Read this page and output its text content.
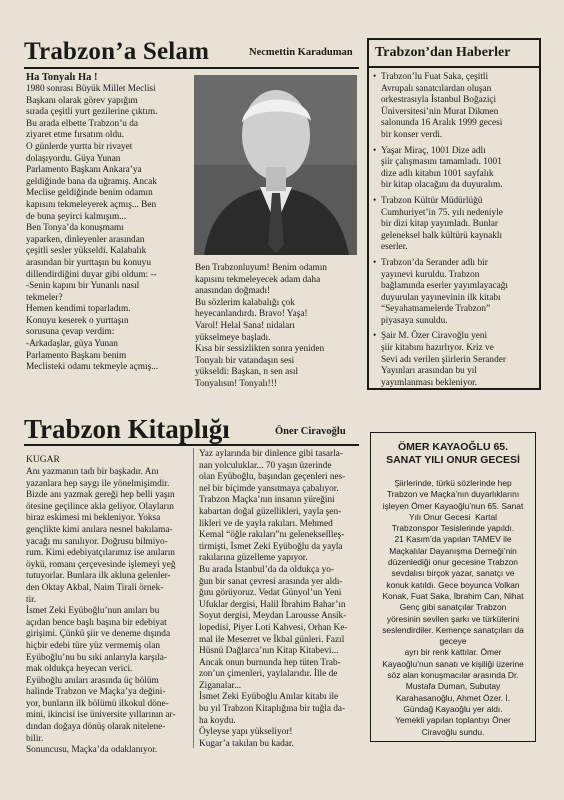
Trabzon’a Selam	Necmettin Karaduman
Ha Tonyalı Ha !
1980 sonrası Büyük Millet Meclisi
Başkanı olarak görev yapığım
sırada çeşitli yurt gezilerine çıktım.
Bu arada elbette Trabzon’u da
ziyaret etme fırsatım oldu.
O günlerde yurtta bir rivayet
dolaşıyordu. Güya Yunan
Parlamento Başkanı Ankara’ya
geldiğinde bana da uğramış. Ancak
Meclise geldiğinde benim odamın
kapısını tekmeleyerek açmış... Ben
de buna şeyirci kalmışım...
Ben Tonya’da konuşmamı
yaparken, dinleyenler arasından
çeşitli sesler yükseldi. Kalabalık
arasından bir yurttaşın bu konuyu
dillendirdiğini duyar gibi oldum: --
-Senin kapını bir Yunanlı nasıl
tekmeler?
Hemen kendimi toparladım.
Konuyu keserek o yurttaşın
sorusuna çevap verdim:
-Arkadaşlar, güya Yunan
Parlamento Başkanı benim
Meclisteki odamı tekmeyle açmış...
Ben Trabzonluyum! Benim odamın
kapısını tekmeleyecek adam daha
anasından doğmadı!
Bu sözlerim kalabalığı çok
heyecanlandırdı. Bravo! Yaşa!
Varol! Helal Sana! nidaları
yükselmeye başladı.
Kısa bir sessizlikten sonra yeniden
Tonyalı bir vatandaşın sesi
yükseldi: Başkan, n sen asıl
Tonyalısın! Tonyalı!!!
Trabzon’dan Haberler
• Trabzon’lu Fuat Saka, çeşitli
Avrupalı sanatcılardan oluşan
orkestrasıyla İstanbul Boğaziçi
Üniversitesi’nin Murat Dikmen
salonunda 16 Aralık 1999 gecesi
bir konser verdi.
• Yaşar Miraç, 1001 Dize adlı
şiir çalışmasını tamamladı. 1001
dize adlı kitabın 1001 sayfalık
bir kitap olacağını da duyuralım.
• Trabzon Kültür Müdürlüğü
Cumhuriyet’in 75. yılı nedeniyle
bir dizi kitap yayımladı. Bunlar
geleneksel halk kültürü kaynaklı
eserler.
• Trabzon’da Serander adlı bir
yayınevi kuruldu. Trabzon
bağlamında eserler yayımlayacağı
duyurulan yayınevinin ilk kitabı
“Seyahatnamelerde Trabzon”
piyasaya sunuldu.
• Şair M. Özer Ciravoğlu yeni
şiir kitabını hazırlıyor. Kriz ve
Sevi adı verilen şiirlerin Serander
Yayınları arasından bu yıl
yayımlanması bekleniyor.
Trabzon Kitaplığı	Öner Ciravoğlu
KUGAR
Anı yazmanın tadı bir başkadır. Anı
yazanlara hep saygı ile yönelmişimdir.
Bizde anı yazmak gereği hep belli yaşın
ötesine geçilince akla geliyor. Olayların
biraz eskimesi mi bekleniyor. Yoksa
gençlikte kimi anılara nesnel bakılama-
yacağı mı sanılıyor. Doğrusu bilmiyo-
rum. Kimi edebiyatçılarımız ise anıların
öykü, romanı çerçevesinde işlemeyi yeğ
tutuyorlar. Bunlara ilk akluna gelenler-
den Oktay Akbal, Naim Tirali örnek-
tir.
İsmet Zeki Eyüboğlu’nun anıları bu
açıdan bence başlı başına bir edebiyat
girişimi. Çünkü şiir ve deneme dışında
hiçbir edebi türe yüz vermemiş olan
Eyüboğlu’nu bu sıki anlarıyla karşıla-
mak oldukça heyecan verici.
Eyüboğlu anıları arasında üç bölüm
halinde Trabzon ve Maçka’ya değini-
yor, bunların ilk bölümü ilkokul döne-
mini, ikincisi ise üniversite yıllarının ar-
dından doğaya dönüş olarak nitelene-
bilir.
Sonuncusu, Maçka’da odaklanıyor.
Yaz aylarında bir dinlence gibi tasarla-
nan yolculuklar... 70 yaşın üzerinde
olan Eyüboğlu, başından geçenleri nes-
nel bir biçimde yansıtmaya çabalıyor.
Trabzon Maçka’nın insanın yüreğini
kabartan doğal güzellikleri, yayla şen-
likleri ve de yayla rakıları. Mehmed
Kemal “öğle rakıları”nı geleneksellleş-
tirmişti, İsmet Zeki Eyüboğlu da yayla
rakılarına güzelleme yapıyor.
Bu arada İstanbul’da da oldukça yo-
ğun bir sanat çevresi arasında yer aldı-
ğını görüyoruz. Vedat Günyol’un Yeni
Ufuklar dergisi, Halil İbrahim Bahar’ın
Soyut dergisi, Meydan Larousse Ansik-
lopedisi, Piyer Loti Kahvesi, Orhan Ke-
mal ile Meserret ve İkbal günleri. Fazıl
Hüsnü Dağlarca’nın Kitap Kitabevi...
Ancak onun burnunda hep tüten Trab-
zon’un çimenleri, yaylalarıdır. İlle de
Ziganalar...
İsmet Zeki Eyüboğlu Anılar kitabı ile
bu yıl Trabzon Kitaplığına bir tuğla da-
ha koydu.
Öyleyse yapı yükseliyor!
Kugar’a takılan bu kadar.
ÖMER KAYAOĞLU 65.
SANAT YILI ONUR GECESİ
Şiirlerinde, türkü sözlerinde hep
Trabzon ve Maçka’nın duyarlıklarını
işleyen Ömer Kayaoğlu’nun 65. Sanat
Yılı Onur Gecesi  Kartal
Trabzonspor Tesislerinde yapıldı.
21 Kasım’da yapılan TAMEV ile
Maçkalılar Dayanışma Derneği’nin
düzenlediği onur gecesine Trabzon
sevdalısı birçok yazar, sanatçı ve
konuk katıldı. Gece boyunca Volkan
Konak, Fuat Saka, İbrahim Can, Nihat
Genç gibi sanatçılar Trabzon
yöresinin sevilen şarkı ve türkülerini
seslendirdiler. Kemençe sanatçıları da
geceye
ayrı bir renk kattılar. Ömer
Kayaoğlu’nun sanatı ve kişiliği üzerine
söz alan konuşmacılar arasında Dr.
Mustafa Duman, Subutay
Karahasanoğlu, Ahmet Özer. İ.
Gündağ Kayaoğlu yer aldı.
Yemekli yapılan toplantıyı Öner
Ciravoğlu sundu.
